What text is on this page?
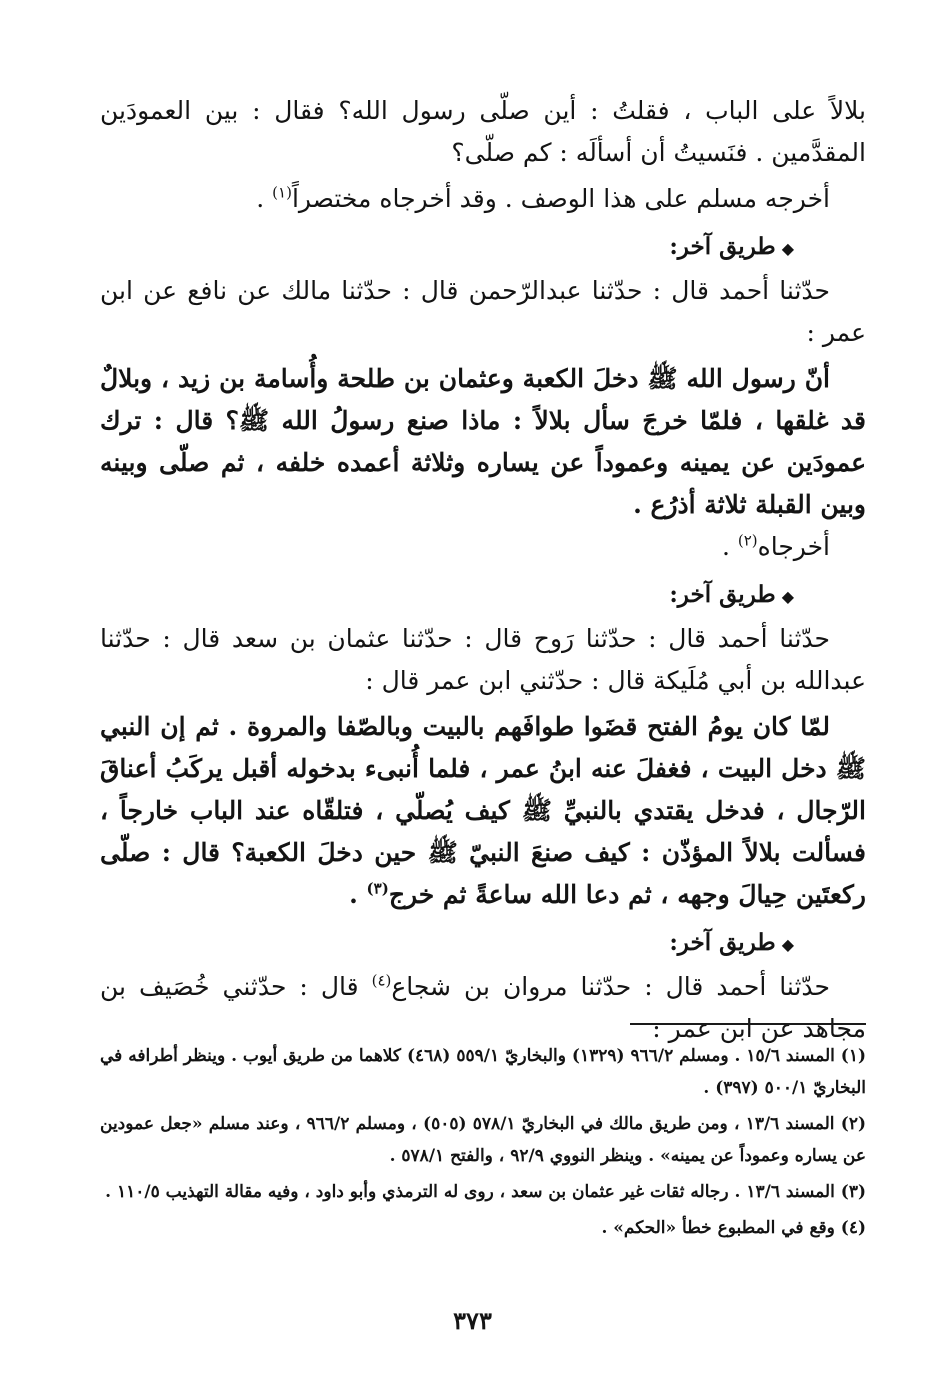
بلالاً على الباب ، فقلتُ : أين صلّى رسول الله؟ فقال : بين العمودَين المقدَّمين . فنَسيتُ أن أسألَه : كم صلّى؟

أخرجه مسلم على هذا الوصف . وقد أخرجاه مختصراً$^{(١)}$ .

◆طريق آخر:

حدّثنا أحمد قال : حدّثنا عبدالرّحمن قال : حدّثنا مالك عن نافع عن ابن عمر :

أنّ رسول الله ﷺ دخلَ الكعبة وعثمان بن طلحة وأُسامة بن زيد ، وبلالٌ قد غلقها ، فلمّا خرجَ سأل بلالاً : ماذا صنع رسولُ الله ﷺ؟ قال : ترك عمودَين عن يمينه وعموداً عن يساره وثلاثة أعمده خلفه ، ثم صلّى وبينه وبين القبلة ثلاثة أذرُع .

أخرجاه$^{(٢)}$ .

◆طريق آخر:

حدّثنا أحمد قال : حدّثنا رَوح قال : حدّثنا عثمان بن سعد قال : حدّثنا عبدالله بن أبي مُلَيكة قال : حدّثني ابن عمر قال :

لمّا كان يومُ الفتح قضَوا طوافَهم بالبيت وبالصّفا والمروة . ثم إن النبي ﷺ دخل البيت ، فغفلَ عنه ابنُ عمر ، فلما أُنبىء بدخوله أقبل يركَبُ أعناقَ الرّجال ، فدخل يقتدي بالنبيِّ ﷺ كيف يُصلّي ، فتلقّاه عند الباب خارجاً ، فسألت بلالاً المؤذّن : كيف صنعَ النبيّ ﷺ حين دخلَ الكعبة؟ قال : صلّى ركعتَين حِيالَ وجهه ، ثم دعا الله ساعةً ثم خرج$^{(٣)}$ .

◆طريق آخر:

حدّثنا أحمد قال : حدّثنا مروان بن شجاع$^{(٤)}$ قال : حدّثني خُصَيف بن مجاهد عن ابن عمر :

(١) المسند ١٥/٦ . ومسلم ٩٦٦/٢ (١٣٢٩) والبخاريّ ٥٥٩/١ (٤٦٨) كلاهما من طريق أيوب . وينظر أطرافه في البخاريّ ٥٠٠/١ (٣٩٧) .

(٢) المسند ١٣/٦ ، ومن طريق مالك في البخاريّ ٥٧٨/١ (٥٠٥) ، ومسلم ٩٦٦/٢ ، وعند مسلم «جعل عمودين عن يساره وعموداً عن يمينه» . وينظر النووي ٩٢/٩ ، والفتح ٥٧٨/١ .

(٣) المسند ١٣/٦ . رجاله ثقات غير عثمان بن سعد ، روى له الترمذي وأبو داود ، وفيه مقالة التهذيب ١١٠/٥ .

(٤) وقع في المطبوع خطأ «الحكم» .

٣٧٣
